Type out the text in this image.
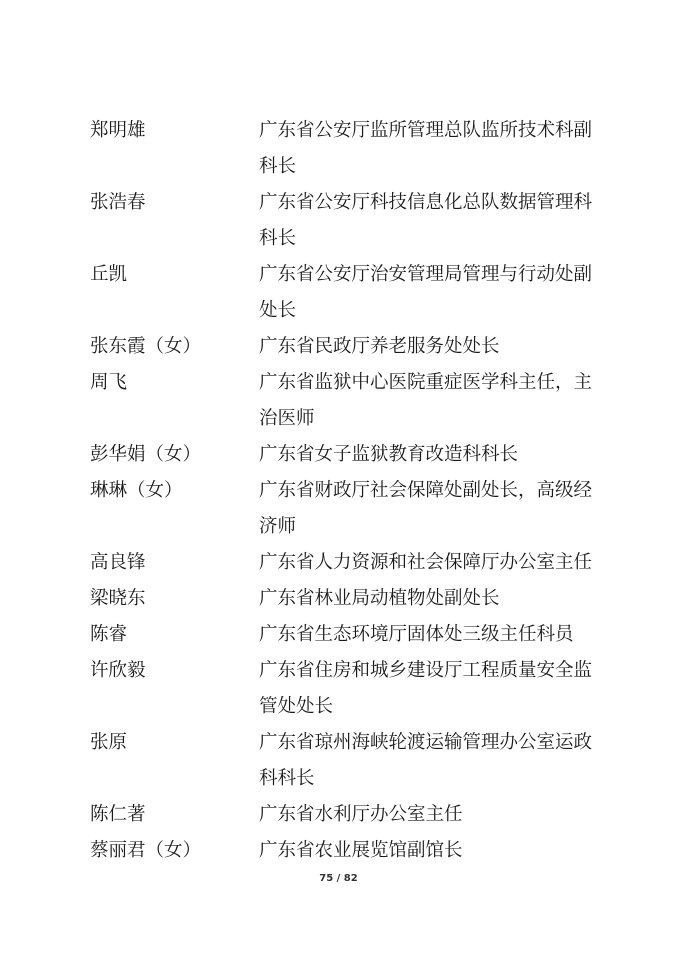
郑明雄	广东省公安厅监所管理总队监所技术科副科长
张浩春	广东省公安厅科技信息化总队数据管理科科长
丘凯	广东省公安厅治安管理局管理与行动处副处长
张东霞（女）	广东省民政厅养老服务处处长
周飞	广东省监狱中心医院重症医学科主任，主治医师
彭华娟（女）	广东省女子监狱教育改造科科长
琳琳（女）	广东省财政厅社会保障处副处长，高级经济师
高良锋	广东省人力资源和社会保障厅办公室主任
梁晓东	广东省林业局动植物处副处长
陈睿	广东省生态环境厅固体处三级主任科员
许欣毅	广东省住房和城乡建设厅工程质量安全监管处处长
张原	广东省琼州海峡轮渡运输管理办公室运政科科长
陈仁著	广东省水利厅办公室主任
蔡丽君（女）	广东省农业展览馆副馆长
75 / 82
